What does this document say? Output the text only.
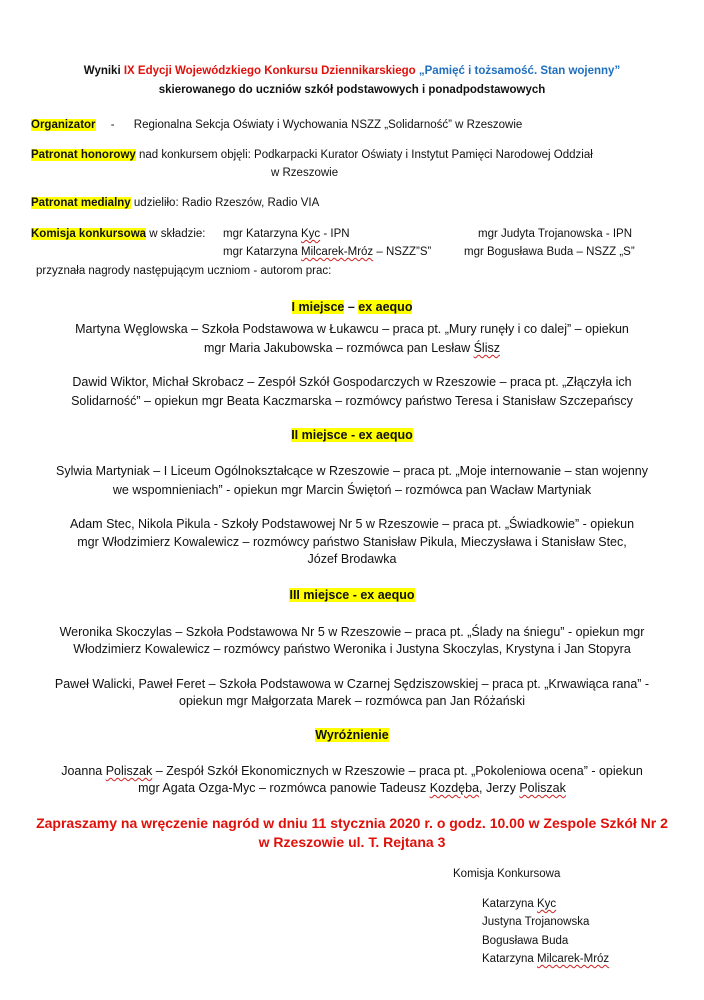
Wyniki IX Edycji Wojewódzkiego Konkursu Dziennikarskiego „Pamięć i tożsamość. Stan wojenny”
skierowanego do uczniów szkół podstawowych i ponadpodstawowych
Organizator - Regionalna Sekcja Oświaty i Wychowania NSZZ „Solidarność” w Rzeszowie
Patronat honorowy nad konkursem objęli: Podkarpacki Kurator Oświaty i Instytut Pamięci Narodowej Oddział
w Rzeszowie
Patronat medialny udzieliło: Radio Rzeszów, Radio VIA
Komisja konkursowa w składzie: mgr Katarzyna Kyc - IPN	mgr Judyta Trojanowska - IPN
mgr Katarzyna Milcarek-Mróz – NSZZ”S”	mgr Bogusława Buda – NSZZ „S”
przyznała nagrody następującym uczniom - autorom prac:
I miejsce – ex aequo
Martyna Węglowska – Szkoła Podstawowa w Łukawcu – praca pt. „Mury runęły i co dalej” – opiekun
mgr Maria Jakubowska – rozmówca pan Lesław Ślisz
Dawid Wiktor, Michał Skrobacz – Zespół Szkół Gospodarczych w Rzeszowie – praca pt. „Złączyła ich
Solidarność” – opiekun mgr Beata Kaczmarska – rozmówcy państwo Teresa i Stanisław Szczepańscy
II miejsce - ex aequo
Sylwia Martyniak – I Liceum Ogólnokształcące w Rzeszowie – praca pt. „Moje internowanie – stan wojenny
we wspomnieniach” - opiekun mgr Marcin Świętoń – rozmówca pan Wacław Martyniak
Adam Stec, Nikola Pikula - Szkoły Podstawowej Nr 5 w Rzeszowie – praca pt. „Świadkowie” - opiekun
mgr Włodzimierz Kowalewicz – rozmówcy państwo Stanisław Pikula, Mieczysława i Stanisław Stec,
Józef Brodawka
III miejsce - ex aequo
Weronika Skoczylas – Szkoła Podstawowa Nr 5 w Rzeszowie – praca pt. „Ślady na śniegu” - opiekun mgr
Włodzimierz Kowalewicz – rozmówcy państwo Weronika i Justyna Skoczylas, Krystyna i Jan Stopyra
Paweł Walicki, Paweł Feret – Szkoła Podstawowa w Czarnej Sędziszowskiej – praca pt. „Krwawiąca rana” -
opiekun mgr Małgorzata Marek – rozmówca pan Jan Różański
Wyróżnienie
Joanna Poliszak – Zespół Szkół Ekonomicznych w Rzeszowie – praca pt. „Pokoleniowa ocena” - opiekun
mgr Agata Ozga-Myc – rozmówca panowie Tadeusz Kozdęba, Jerzy Poliszak
Zapraszamy na wręczenie nagród w dniu 11 stycznia 2020 r. o godz. 10.00 w Zespole Szkół Nr 2
w Rzeszowie ul. T. Rejtana 3
Komisja Konkursowa
Katarzyna Kyc
Justyna Trojanowska
Bogusława Buda
Katarzyna Milcarek-Mróz
